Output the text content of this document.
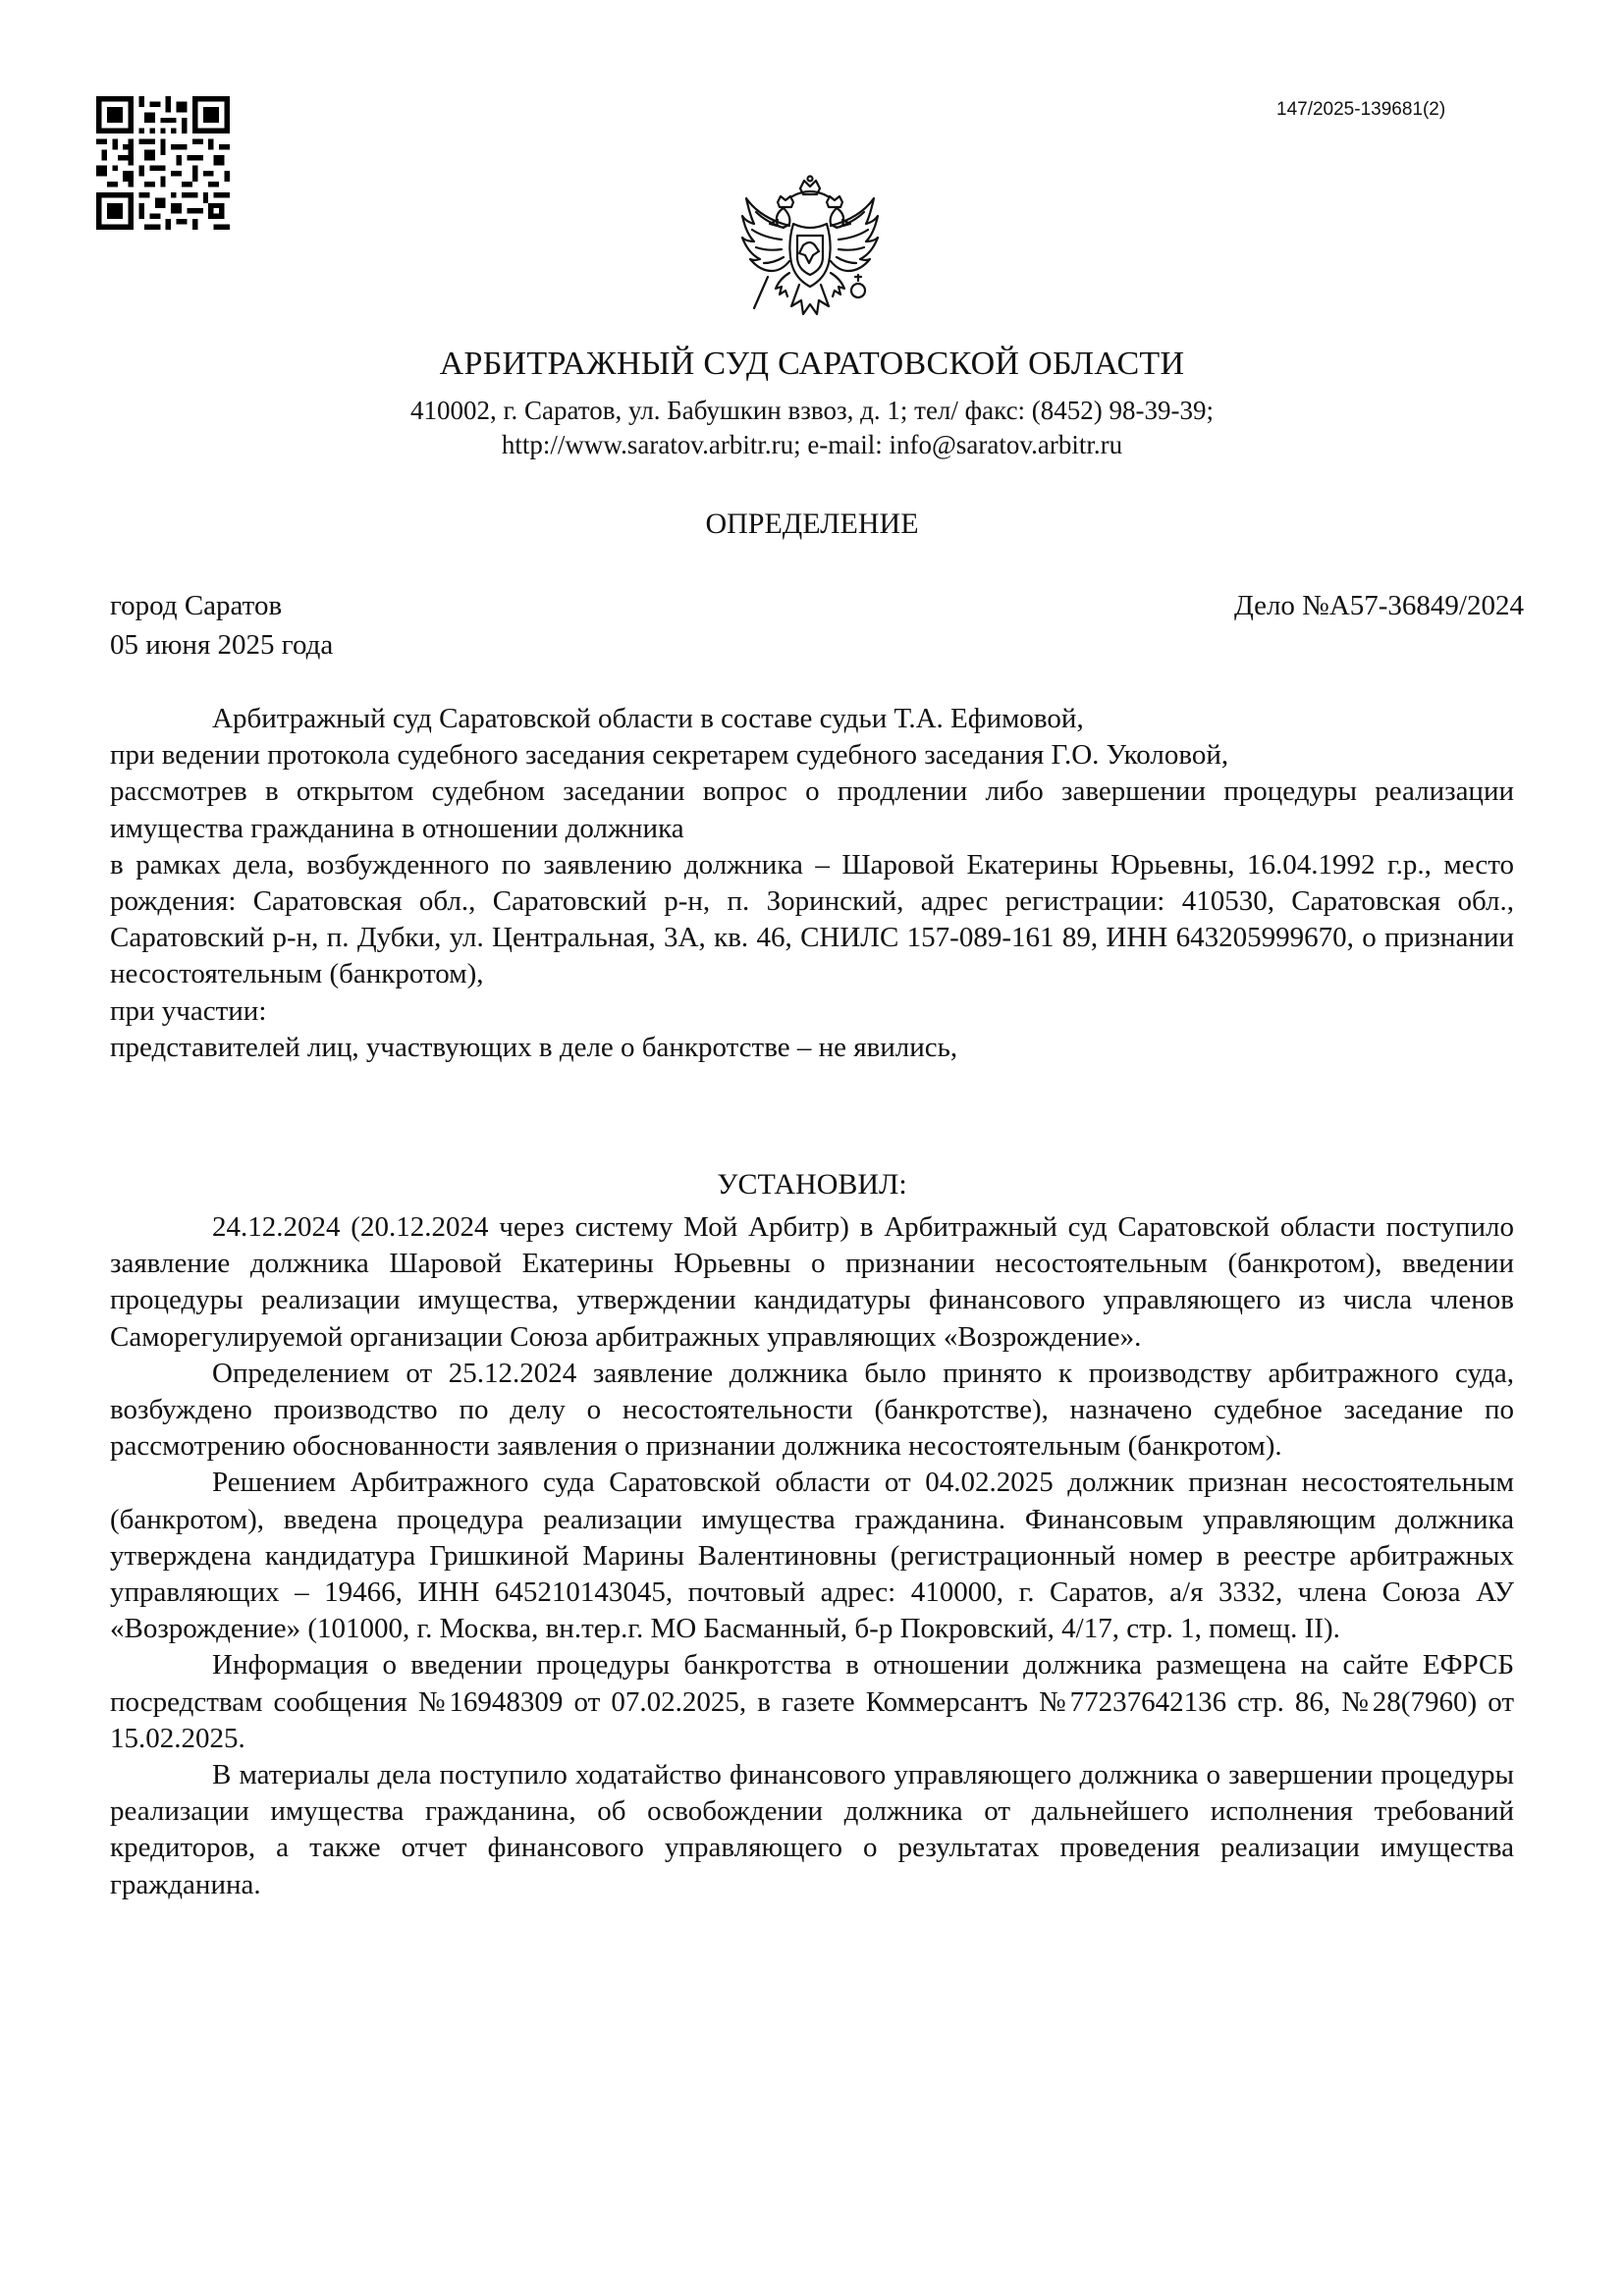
147/2025-139681(2)
АРБИТРАЖНЫЙ СУД САРАТОВСКОЙ ОБЛАСТИ
410002, г. Саратов, ул. Бабушкин взвоз, д. 1; тел/ факс: (8452) 98-39-39;
http://www.saratov.arbitr.ru; e-mail: info@saratov.arbitr.ru
ОПРЕДЕЛЕНИЕ
город Саратов
05 июня 2025 года
Дело №А57-36849/2024

Арбитражный суд Саратовской области в составе судьи Т.А. Ефимовой,

при ведении протокола судебного заседания секретарем судебного заседания Г.О. Уколовой,

рассмотрев в открытом судебном заседании вопрос о продлении либо завершении процедуры реализации имущества гражданина в отношении должника

в рамках дела, возбужденного по заявлению должника – Шаровой Екатерины Юрьевны, 16.04.1992 г.р., место рождения: Саратовская обл., Саратовский р-н, п. Зоринский, адрес регистрации: 410530, Саратовская обл., Саратовский р-н, п. Дубки, ул. Центральная, 3А, кв. 46, СНИЛС 157-089-161 89, ИНН 643205999670, о признании несостоятельным (банкротом),

при участии:

представителей лиц, участвующих в деле о банкротстве – не явились,

УСТАНОВИЛ:

24.12.2024 (20.12.2024 через систему Мой Арбитр) в Арбитражный суд Саратовской области поступило заявление должника Шаровой Екатерины Юрьевны о признании несостоятельным (банкротом), введении процедуры реализации имущества, утверждении кандидатуры финансового управляющего из числа членов Саморегулируемой организации Союза арбитражных управляющих «Возрождение».

Определением от 25.12.2024 заявление должника было принято к производству арбитражного суда, возбуждено производство по делу о несостоятельности (банкротстве), назначено судебное заседание по рассмотрению обоснованности заявления о признании должника несостоятельным (банкротом).

Решением Арбитражного суда Саратовской области от 04.02.2025 должник признан несостоятельным (банкротом), введена процедура реализации имущества гражданина. Финансовым управляющим должника утверждена кандидатура Гришкиной Марины Валентиновны (регистрационный номер в реестре арбитражных управляющих – 19466, ИНН 645210143045, почтовый адрес: 410000, г. Саратов, а/я 3332, члена Союза АУ «Возрождение» (101000, г. Москва, вн.тер.г. МО Басманный, б-р Покровский, 4/17, стр. 1, помещ. II).

Информация о введении процедуры банкротства в отношении должника размещена на сайте ЕФРСБ посредствам сообщения №16948309 от 07.02.2025, в газете Коммерсантъ №77237642136 стр. 86, №28(7960) от 15.02.2025.

В материалы дела поступило ходатайство финансового управляющего должника о завершении процедуры реализации имущества гражданина, об освобождении должника от дальнейшего исполнения требований кредиторов, а также отчет финансового управляющего о результатах проведения реализации имущества гражданина.
